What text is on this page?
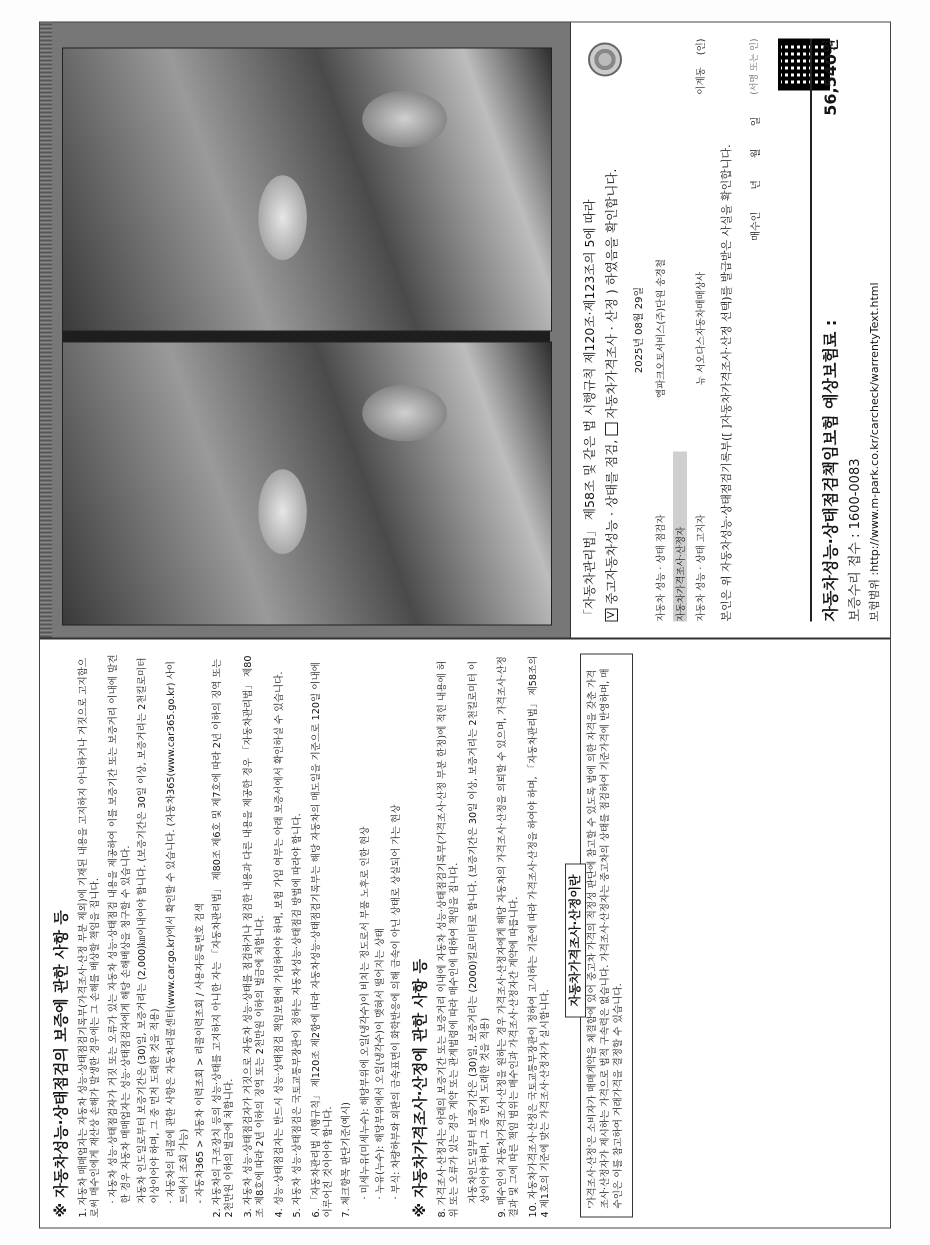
※ 자동차성능·상태점검의 보증에 관한 사항 등 1. 자동차 매매업자는 자동차 성능·상태점검기록부(가격조사·산정 부분 제외)에 기재된 내용을 고지하지 아니하거나 거짓으로 고지함으로써 매수인에게 재산상 손해가 발생한 경우에는 그 손해를 배상할 책임을 집니다. · 자동차 성능·상태점검자가 거짓 또는 오류가 있는 자동차 성능·상태점검 내용을 제공하여 이를 보증기간 또는 보증거리 이내에 발견한 경우 자동차 매매업자는 성능·상태점검자에게 해당 손해배상을 청구할 수 있습니다. 자동차 인도일로부터 보증기간은 (30)일, 보증거리는 (2,000)㎞이내여야 합니다. (보증기간은 30일 이상, 보증거리는 2천킬로미터 이상이어야 하며, 그 중 먼저 도래한 것을 적용) · 자동차의 리콜에 관한 사항은 자동차리콜센터(www.car.go.kr)에서 확인할 수 있습니다. (자동차365(www.car365.go.kr) 사이트에서 조회 가능) - 자동차365 > 자동차 이력조회 > 리콜이력조회 / 사용자등록번호 검색 2. 자동차의 구조장치 등의 성능·상태를 고지하지 아니한 자는 「자동차관리법」 제80조 제6호 및 제7호에 따라 2년 이하의 징역 또는 2천만원 이하의 벌금에 처합니다. 3. 자동차 성능·상태점검자가 거짓으로 자동차 성능·상태를 점검하거나 점검한 내용과 다른 내용을 제공한 경우 「자동차관리법」 제80조 제8호에 따라 2년 이하의 징역 또는 2천만원 이하의 벌금에 처합니다. 4. 성능·상태점검자는 반드시 성능·상태점검 책임보험에 가입하여야 하며, 보험 가입 여부는 아래 보증서에서 확인하실 수 있습니다. 5. 자동차 성능·상태점검은 국토교통부장관이 정하는 자동차성능·상태점검 방법에 따라야 합니다. 6. 「자동차관리법 시행규칙」 제120조 제2항에 따라 자동차성능·상태점검기록부는 해당 자동차의 매도일을 기준으로 120일 이내에 이루어진 것이어야 합니다. 7. 체크항목 판단기준(예시) · 미세누유(미세누수): 해당부위에 오일(냉각수)이 비치는 정도로서 부품 노후로 인한 현상 · 누유(누수): 해당부위에서 오일(냉각수)이 맺혀서 떨어지는 상태 · 부식: 차량하부와 외판의 금속표면이 화학반응에 의해 금속이 아닌 상태로 상실되어 가는 현상 ※ 자동차가격조사·산정에 관한 사항 등 8. 가격조사·산정자는 아래의 보증기간 또는 보증거리 이내에 자동차 성능·상태점검기록부(가격조사·산정 부분 한정)에 적힌 내용에 허위 또는 오류가 있는 경우 계약 또는 관계법령에 따라 매수인에 대하여 책임을 집니다. 자동차인도일부터 보증기간은 (30)일, 보증거리는 (2000)킬로미터로 합니다. (보증기간은 30일 이상, 보증거리는 2천킬로미터 이상이어야 하며, 그 중 먼저 도래한 것을 적용) 9. 매수인이 자동차가격조사·산정을 원하는 경우 가격조사·산정자에게 해당 자동차의 가격조사·산정을 의뢰할 수 있으며, 가격조사·산정 결과 및 그에 따른 책임 범위는 매수인과 가격조사·산정자간 계약에 따릅니다. 10. 자동차가격조사·산정은 국토교통부장관이 정하여 고시하는 기준에 따라 가격조사·산정을 하여야 하며, 「자동차관리법」 제58조의4 제1호의 기준에 맞는 가격조사·산정자가 실시합니다.
자동차가격조사·산정이란 '가격조사·산정'은 소비자가 매매계약을 체결함에 있어 중고차 가격의 적정성 판단에 참고할 수 있도록 법에 의한 자격을 갖춘 가격조사·산정자가 제시하는 가격으로 법적 구속력은 없습니다. 가격조사·산정자는 중고차의 상태를 점검하여 기준가격에 반영하며, 매수인은 이를 참고하여 거래가격을 결정할 수 있습니다.
「자동차관리법」 제58조 및 같은 법 시행규칙 제120조·제123조의 5에 따라 V
중고자동차성능 · 상태를 점검,
자동차가격조사 · 산정
) 하였음을 확인합니다.
2025년 08월 29일
자동차 성능 · 상태 점검자
엠파크오토서비스(주)단원 송경철
자동차가격조사·산정자 자동차 성능 · 상태 고지자
뉴 서오다스자동차매매상사
이계동    (인)
본인은 위 자동차성능·상태점검기록부([ ]자동차가격조사·산정 선택)를 발급받은 사실을 확인합니다.	매수인
년
월
일
(서명 또는 인)
자동차성능·상태점검책임보험 예상보험료 :
56,540원
보증수리 접수 : 1600-0083 보험범위 :http://www.m-park.co.kr/carcheck/warrentyText.html
